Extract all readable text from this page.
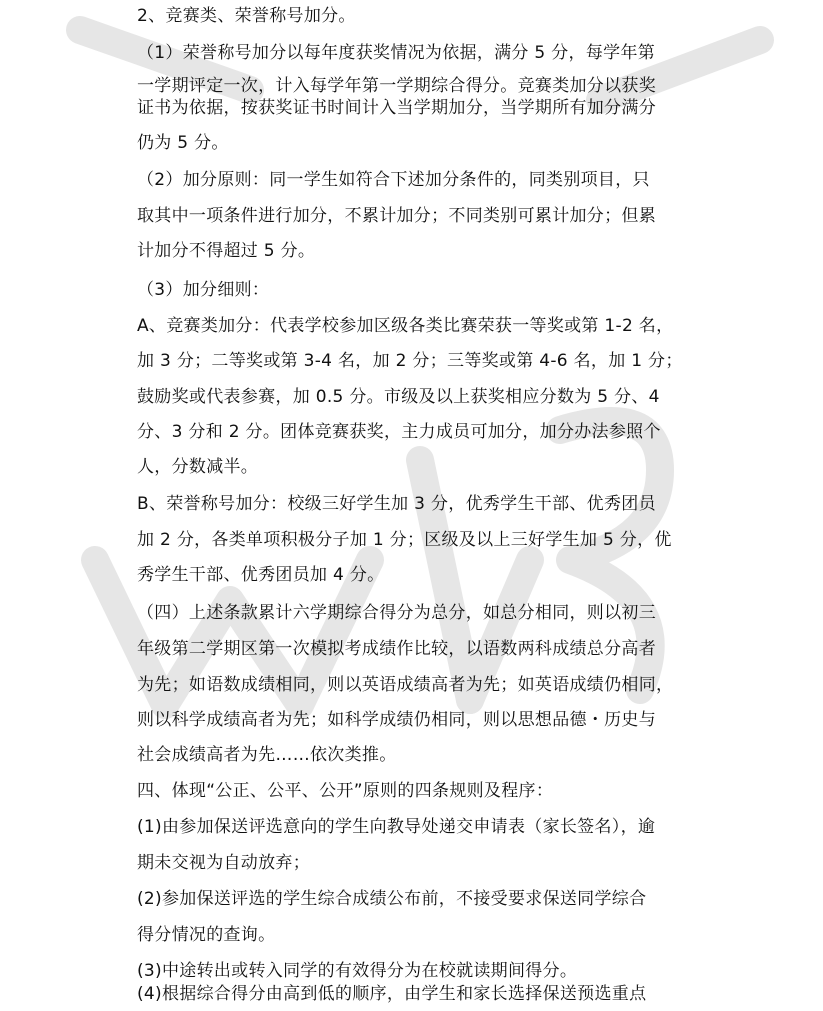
2、竞赛类、荣誉称号加分。
（1）荣誉称号加分以每年度获奖情况为依据，满分 5 分，每学年第
一学期评定一次，计入每学年第一学期综合得分。竞赛类加分以获奖
证书为依据，按获奖证书时间计入当学期加分，当学期所有加分满分
仍为 5 分。
（2）加分原则：同一学生如符合下述加分条件的，同类别项目，只
取其中一项条件进行加分，不累计加分；不同类别可累计加分；但累
计加分不得超过 5 分。
（3）加分细则：
A、竞赛类加分：代表学校参加区级各类比赛荣获一等奖或第 1-2 名，
加 3 分；二等奖或第 3-4 名，加 2 分；三等奖或第 4-6 名，加 1 分；
鼓励奖或代表参赛，加 0.5 分。市级及以上获奖相应分数为 5 分、4
分、3 分和 2 分。团体竞赛获奖，主力成员可加分，加分办法参照个
人，分数减半。
B、荣誉称号加分：校级三好学生加 3 分，优秀学生干部、优秀团员
加 2 分，各类单项积极分子加 1 分；区级及以上三好学生加 5 分，优
秀学生干部、优秀团员加 4 分。
（四）上述条款累计六学期综合得分为总分，如总分相同，则以初三
年级第二学期区第一次模拟考成绩作比较，以语数两科成绩总分高者
为先；如语数成绩相同，则以英语成绩高者为先；如英语成绩仍相同，
则以科学成绩高者为先；如科学成绩仍相同，则以思想品德・历史与
社会成绩高者为先……依次类推。
四、体现“公正、公平、公开”原则的四条规则及程序：
(1)由参加保送评选意向的学生向教导处递交申请表（家长签名），逾
期未交视为自动放弃；
(2)参加保送评选的学生综合成绩公布前，不接受要求保送同学综合
得分情况的查询。
(3)中途转出或转入同学的有效得分为在校就读期间得分。
(4)根据综合得分由高到低的顺序，由学生和家长选择保送预选重点
